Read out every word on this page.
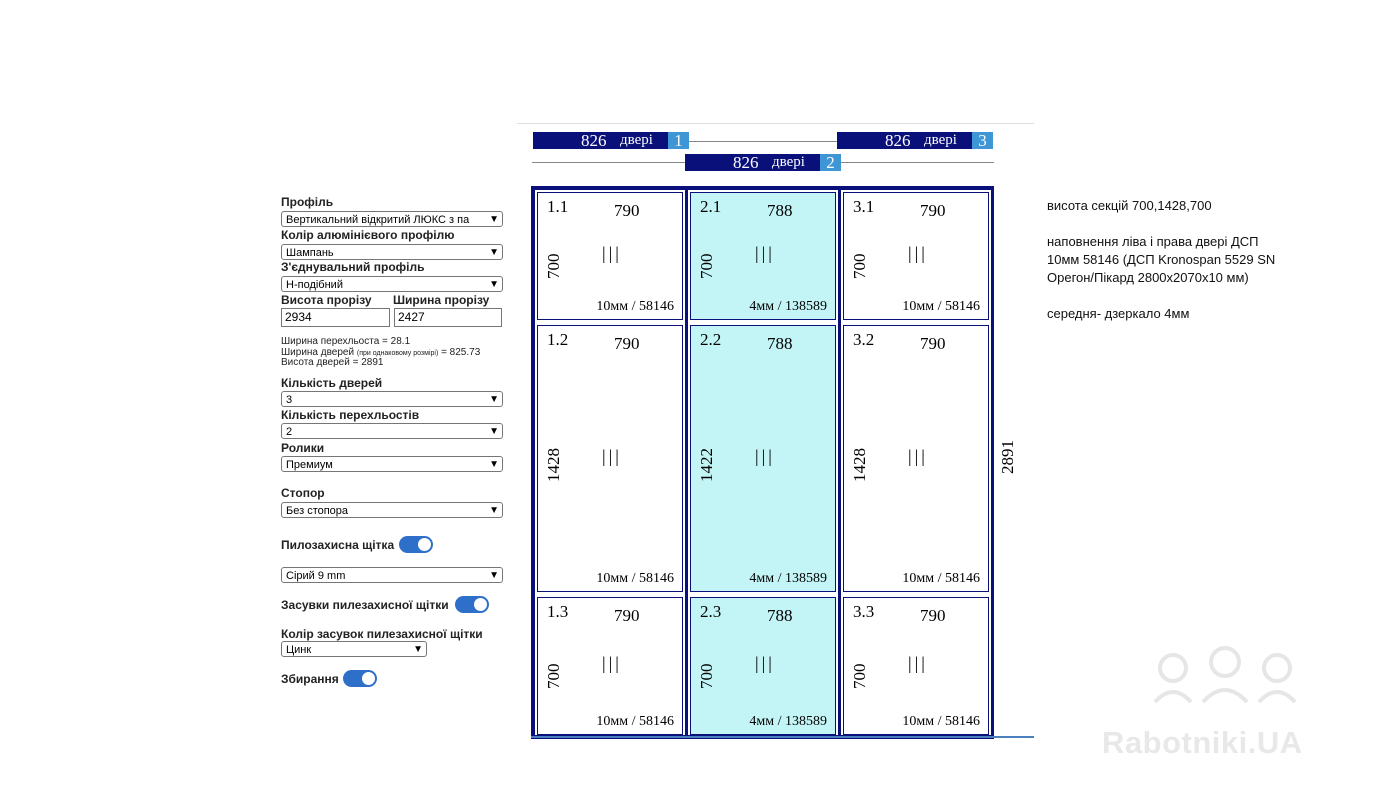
Профіль
Вертикальний відкритий ЛЮКС з па	▼
Колір алюмінієвого профілю
Шампань	▼
З'єднувальний профіль
Н-подібний	▼
Висота прорізу Ширина прорізу
2934	2427
Ширина перехльоста = 28.1
Ширина дверей (при однаковому розмірі) = 825.73
Висота дверей = 2891
Кількість дверей
3	▼
Кількість перехльостів
2	▼
Ролики
Премиум	▼
Стопор
Без стопора	▼
Пилозахисна щітка
Сірий 9 mm	▼
Засувки пилезахисної щітки
Колір засувок пилезахисної щітки
Цинк	▼
Збирання
826 двері	1
826 двері	2
826 двері	3
1.1	790
700
|||
10мм / 58146
1.2	790
1428 |||
10мм / 58146
1.3	790
700
|||
10мм / 58146
2.1	788
700
|||
4мм / 138589
2.2	788
1422 |||
4мм / 138589
2.3	788
700
|||
4мм / 138589
3.1	790
700
|||
10мм / 58146
3.2	790
1428 |||
10мм / 58146
3.3	790
700
|||
10мм / 58146
2891

висота секцій 700,1428,700

наповнення ліва і права двері ДСП 10мм 58146 (ДСП Kronospan 5529 SN Орегон/Пікард 2800х2070х10 мм)

середня- дзеркало 4мм

Rabotniki.UA
